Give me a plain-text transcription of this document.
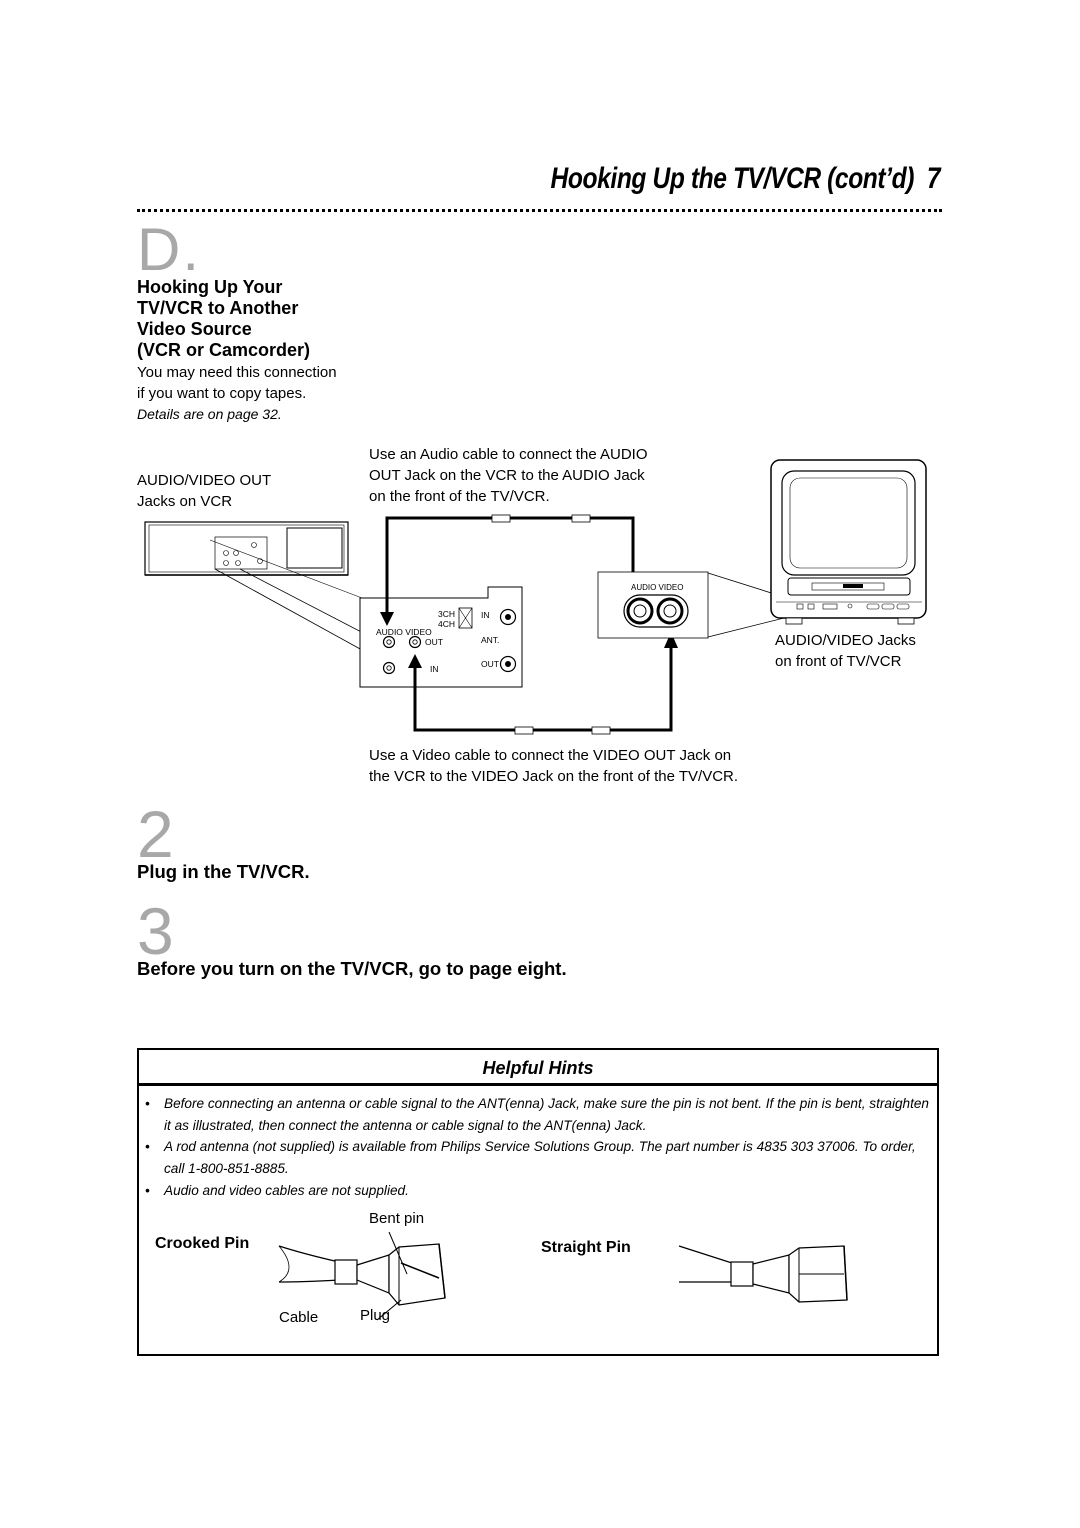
Hooking Up the TV/VCR (cont’d) 7
D.
Hooking Up Your
TV/VCR to Another
Video Source
(VCR or Camcorder)
You may need this connection
if you want to copy tapes.
Details are on page 32.
AUDIO/VIDEO OUT
Jacks on VCR
Use an Audio cable to connect the AUDIO
OUT Jack on the VCR to the AUDIO Jack
on the front of the TV/VCR.
AUDIO/VIDEO Jacks
on front of TV/VCR
Use a Video cable to connect the VIDEO OUT Jack on
the VCR to the VIDEO Jack on the front of the TV/VCR.
3CH
4CH
IN
AUDIO VIDEO
OUT	ANT.
IN	OUT
AUDIO VIDEO
2
Plug in the TV/VCR.
3
Before you turn on the TV/VCR, go to page eight.
Helpful Hints
•	Before connecting an antenna or cable signal to the ANT(enna) Jack, make sure the pin is not bent. If the pin is bent, straighten it as illustrated, then connect the antenna or cable signal to the ANT(enna) Jack.
•	A rod antenna (not supplied) is available from Philips Service Solutions Group. The part number is 4835 303 37006. To order, call 1-800-851-8885.
•	Audio and video cables are not supplied.
Crooked Pin	Straight Pin
Bent pin
Cable	Plug
